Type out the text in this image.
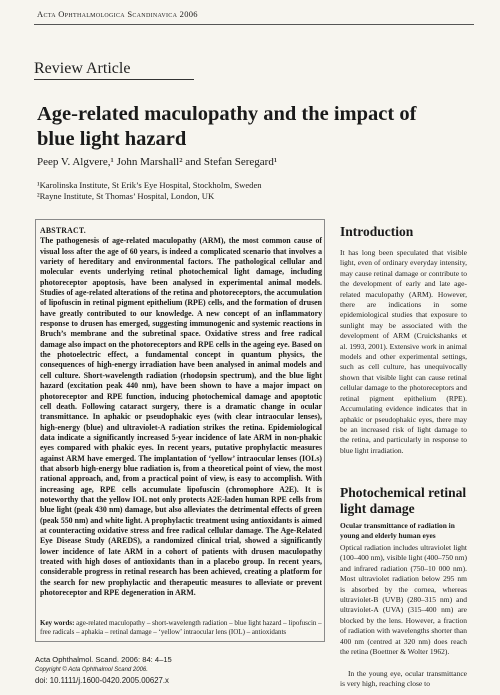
Acta Ophthalmologica Scandinavica 2006
Review Article
Age-related maculopathy and the impact of blue light hazard
Peep V. Algvere,¹ John Marshall² and Stefan Seregard¹
¹Karolinska Institute, St Erik’s Eye Hospital, Stockholm, Sweden
²Rayne Institute, St Thomas’ Hospital, London, UK

ABSTRACT.
The pathogenesis of age-related maculopathy (ARM), the most common cause of visual loss after the age of 60 years, is indeed a complicated scenario that involves a variety of hereditary and environmental factors. The pathological cellular and molecular events underlying retinal photochemical light damage, including photoreceptor apoptosis, have been analysed in experimental animal models. Studies of age-related alterations of the retina and photoreceptors, the accumulation of lipofuscin in retinal pigment epithelium (RPE) cells, and the formation of drusen have greatly contributed to our knowledge. A new concept of an inflammatory response to drusen has emerged, suggesting immunogenic and systemic reactions in Bruch’s membrane and the subretinal space. Oxidative stress and free radical damage also impact on the photoreceptors and RPE cells in the ageing eye. Based on the photoelectric effect, a fundamental concept in quantum physics, the consequences of high-energy irradiation have been analysed in animal models and cell culture. Short-wavelength radiation (rhodopsin spectrum), and the blue light hazard (excitation peak 440 nm), have been shown to have a major impact on photoreceptor and RPE function, inducing photochemical damage and apoptotic cell death. Following cataract surgery, there is a dramatic change in ocular transmittance. In aphakic or pseudophakic eyes (with clear intraocular lenses), high-energy (blue) and ultraviolet-A radiation strikes the retina. Epidemiological data indicate a significantly increased 5-year incidence of late ARM in non-phakic eyes compared with phakic eyes. In recent years, putative prophylactic measures against ARM have emerged. The implantation of ‘yellow’ intraocular lenses (IOLs) that absorb high-energy blue radiation is, from a theoretical point of view, the most rational approach, and, from a practical point of view, is easy to accomplish. With increasing age, RPE cells accumulate lipofuscin (chromophore A2E). It is noteworthy that the yellow IOL not only protects A2E-laden human RPE cells from blue light (peak 430 nm) damage, but also alleviates the detrimental effects of green (peak 550 nm) and white light. A prophylactic treatment using antioxidants is aimed at counteracting oxidative stress and free radical cellular damage. The Age-Related Eye Disease Study (AREDS), a randomized clinical trial, showed a significantly lower incidence of late ARM in a cohort of patients with drusen maculopathy treated with high doses of antioxidants than in a placebo group. In recent years, considerable progress in retinal research has been achieved, creating a platform for the search for new prophylactic and therapeutic measures to alleviate or prevent photoreceptor and RPE degeneration in ARM.

Key words: age-related maculopathy – short-wavelength radiation – blue light hazard – lipofuscin – free radicals – aphakia – retinal damage – ‘yellow’ intraocular lens (IOL) – antioxidants
Acta Ophthalmol. Scand. 2006: 84: 4–15
Copyright © Acta Ophthalmol Scand 2006.
doi: 10.1111/j.1600-0420.2005.00627.x
Introduction

It has long been speculated that visible light, even of ordinary everyday intensity, may cause retinal damage or contribute to the development of early and late age-related maculopathy (ARM). However, there are indications in some epidemiological studies that exposure to sunlight may be associated with the development of ARM (Cruickshanks et al. 1993, 2001). Extensive work in animal models and other experimental settings, such as cell culture, has unequivocally shown that visible light can cause retinal cellular damage to the photoreceptors and retinal pigment epithelium (RPE). Accumulating evidence indicates that in aphakic or pseudophakic eyes, there may be an increased risk of light damage to the retina, and particularly in response to blue light irradiation.

Photochemical retinal light damage
Ocular transmittance of radiation in young and elderly human eyes

Optical radiation includes ultraviolet light (100–400 nm), visible light (400–750 nm) and infrared radiation (750–10 000 nm). Most ultraviolet radiation below 295 nm is absorbed by the cornea, whereas ultraviolet-B (UVB) (280–315 nm) and ultraviolet-A (UVA) (315–400 nm) are blocked by the lens. However, a fraction of radiation with wavelengths shorter than 400 nm (centred at 320 nm) does reach the retina (Boettner & Wolter 1962).

In the young eye, ocular transmittance is very high, reaching close to
